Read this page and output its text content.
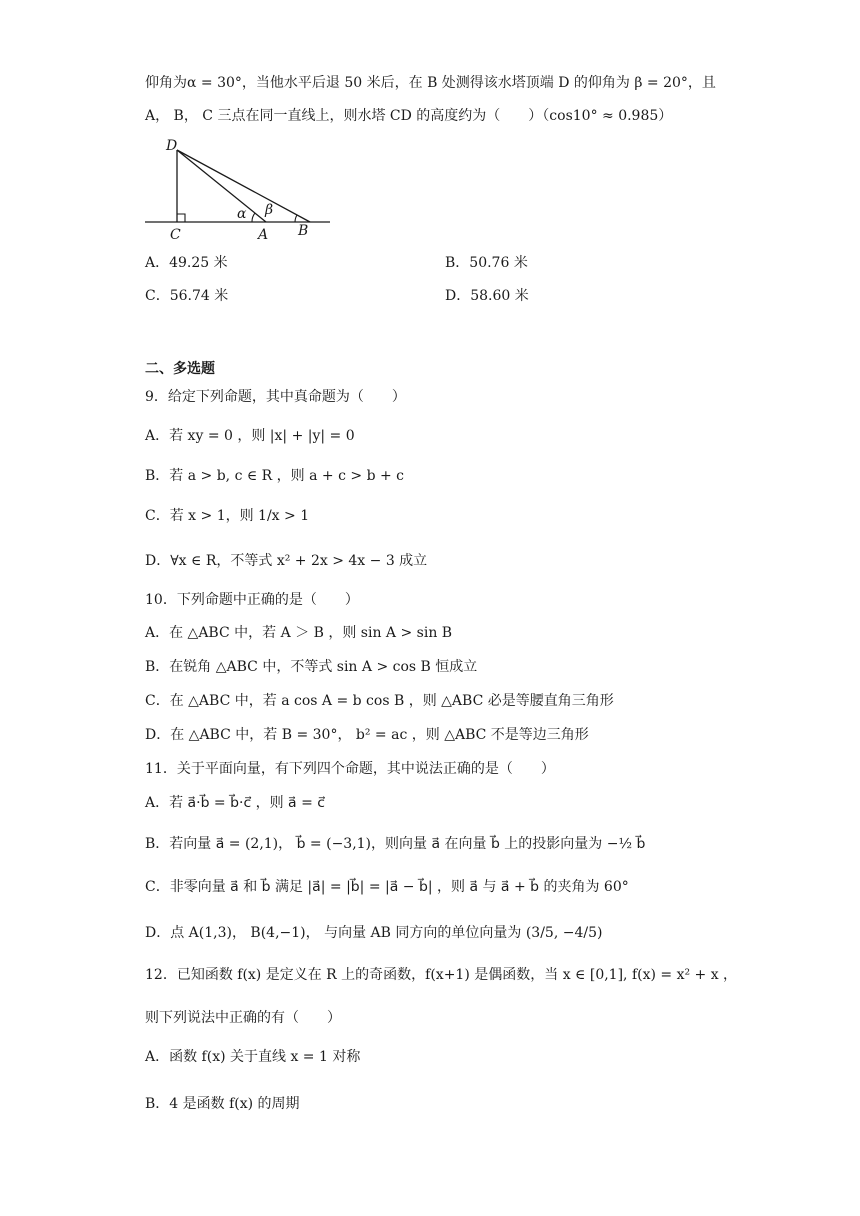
仰角为α = 30°，当他水平后退 50 米后，在 B 处测得该水塔顶端 D 的仰角为 β = 20°，且
A， B， C 三点在同一直线上，则水塔 CD 的高度约为（　　）（cos10° ≈ 0.985）
D
C	A B
α β
A．49.25 米	B．50.76 米
C．56.74 米	D．58.60 米
二、多选题
9．给定下列命题，其中真命题为（　　）
A．若 xy = 0 ，则 |x| + |y| = 0
B．若 a > b, c ∈ R ，则 a + c > b + c
C．若 x > 1，则 1/x > 1
D．∀x ∈ R，不等式 x² + 2x > 4x − 3 成立
10．下列命题中正确的是（　　）
A．在 △ABC 中，若 A ＞ B ，则 sin A > sin B
B．在锐角 △ABC 中，不等式 sin A > cos B 恒成立
C．在 △ABC 中，若 a cos A = b cos B ，则 △ABC 必是等腰直角三角形
D．在 △ABC 中，若 B = 30°， b² = ac ，则 △ABC 不是等边三角形
11．关于平面向量，有下列四个命题，其中说法正确的是（　　）
A．若 a⃗·b⃗ = b⃗·c⃗ ，则 a⃗ = c⃗
B．若向量 a⃗ = (2,1)， b⃗ = (−3,1)，则向量 a⃗ 在向量 b⃗ 上的投影向量为 −½ b⃗
C．非零向量 a⃗ 和 b⃗ 满足 |a⃗| = |b⃗| = |a⃗ − b⃗| ，则 a⃗ 与 a⃗ + b⃗ 的夹角为 60°
D．点 A(1,3)， B(4,−1)， 与向量 AB 同方向的单位向量为 (3/5, −4/5)
12．已知函数 f(x) 是定义在 R 上的奇函数，f(x+1) 是偶函数，当 x ∈ [0,1], f(x) = x² + x ，
则下列说法中正确的有（　　）
A．函数 f(x) 关于直线 x = 1 对称
B．4 是函数 f(x) 的周期
